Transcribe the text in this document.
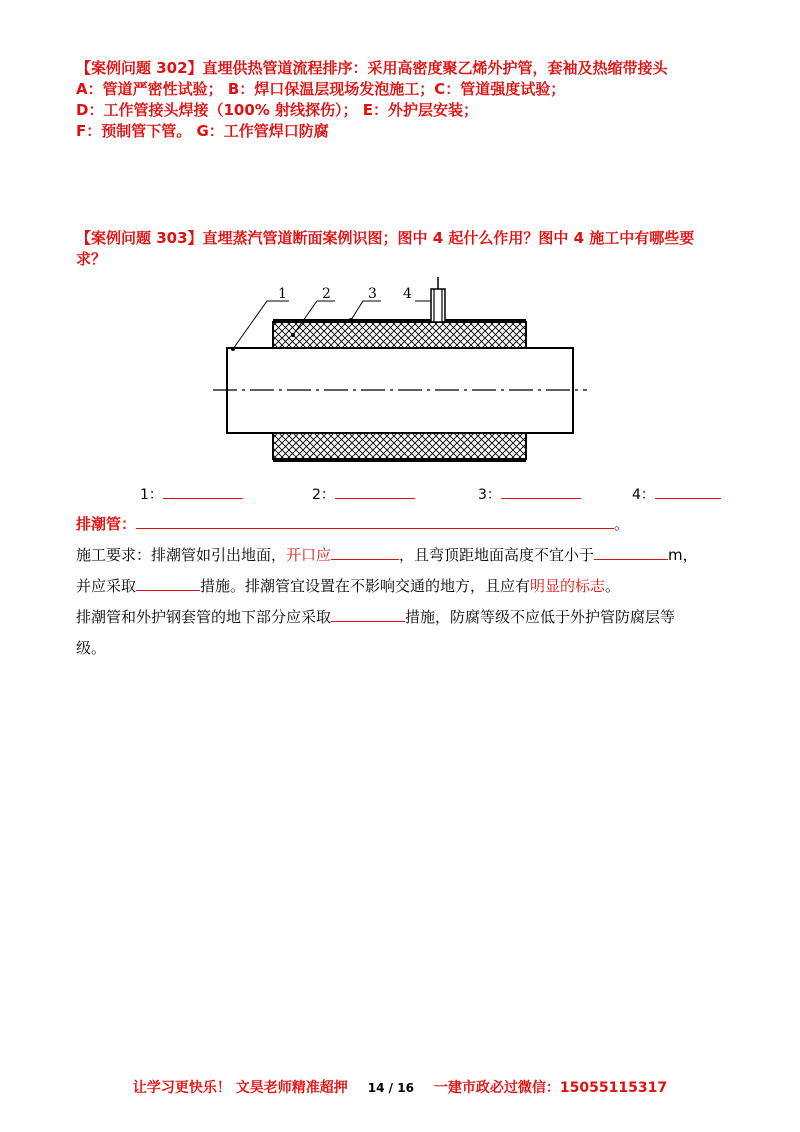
【案例问题 302】直埋供热管道流程排序：采用高密度聚乙烯外护管，套袖及热缩带接头
A：管道严密性试验； B：焊口保温层现场发泡施工；C：管道强度试验；
D：工作管接头焊接（100% 射线探伤）； E：外护层安装；
F：预制管下管。 G：工作管焊口防腐
【案例问题 303】直埋蒸汽管道断面案例识图；图中 4 起什么作用？图中 4 施工中有哪些要
求？
1	2	3 4
1：	2：	3：	4：
排潮管：	。
施工要求：排潮管如引出地面，开口应	，且弯顶距地面高度不宜小于	m，
并应采取	措施。排潮管宜设置在不影响交通的地方，且应有明显的标志。
排潮管和外护钢套管的地下部分应采取	措施，防腐等级不应低于外护管防腐层等
级。
让学习更快乐！ 文昊老师精准超押 14 / 16 一建市政必过微信：15055115317
